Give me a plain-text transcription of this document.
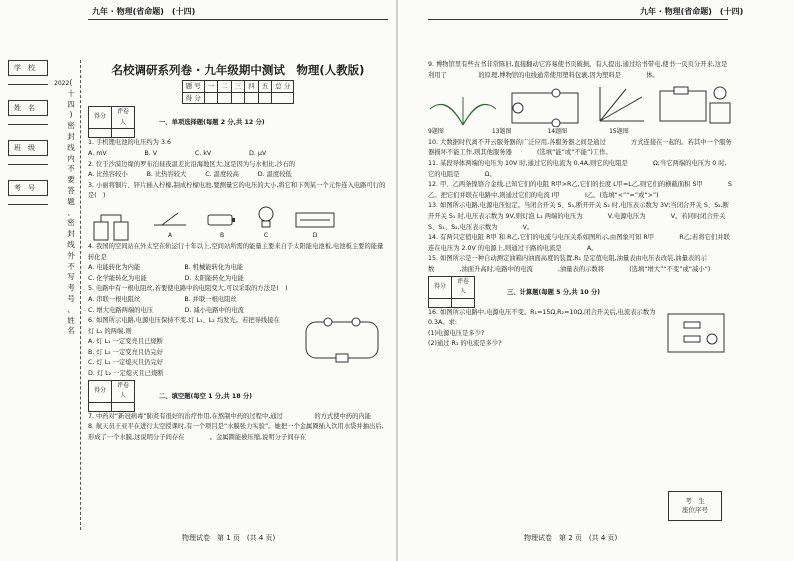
九年 · 物理(省命题)　(十四)	九年 · 物理(省命题)　(十四)
学　校
姓　名
班　级
考　号
2022 (
十
四
)
密
封
线
内
不
要
答
题
、
密
封
线
外
不
写
考
号
、
姓
名

名校调研系列卷 · 九年级期中测试　物理(人教版)

题 号	一	二	三	四	五	总 分
得 分						

得分	评卷人
		一、单项选择题(每题 2 分,共 12 分)

1. 手机锂电池的电压约为 3.6

A. mV　　　　　　B. V　　　　　　C. kV　　　　　　D. μV

2. 位于沙漠边缘的罗布泊昼夜温差比沿海地区大,这是因为与水相比,沙石的

A. 比热容较小　　　B. 比热容较大　　　C. 温度较高　　　D. 温度较低

3. 小丽将铜片、锌片插入柠檬,制成柠檬电池,要测量它的电压的大小,将它和下列某一个元件连入电路可行的是(　)

A	B	C	D

4. 我国的空间站在外太空在轨运行十年以上,空间站所需的能量主要来自于太阳能电池板,电池板主要的能量转化是

A. 电能转化为内能　　　　　　　B. 机械能转化为电能

C. 化学能转化为电能　　　　　　D. 太阳能转化为电能

5. 电路中有一根电阻丝,若要使电路中的电阻变大,可以采取的方法是(　)

A. 串联一根电阻丝　　　　　　　B. 并联一根电阻丝

C. 增大电路两端的电压　　　　　D. 减小电路中的电流

6. 如图所示电路,电源电压保持不变,灯 L₁、L₂ 均发光。若把导线接在

灯 L₁ 的两端,则

A. 灯 L₁ 一定变亮且已烧断

B. 灯 L₂ 一定变亮且仍完好

C. 灯 L₁ 一定熄灭且仍完好

D. 灯 L₂ 一定熄灭且已烧断

得分	评卷人
		二、填空题(每空 1 分,共 18 分)

7. 中药对“新冠病毒”肺炎有很好的治疗作用,在熬制中药的过程中,通过　　　　　的方式使中药的内能

8. 航天员王亚平在进行太空授课时,有一个项目是“水膜张力实验”。她把一个金属圈插入饮用水袋并抽出后,形成了一个水膜,这说明分子间存在　　　　。金属圈能被压缩,说明分子间存在

9. 博物馆里有些古书非常陈旧,直接翻动它容易使书页破损。有人提出,通过给书带电,使书一页页分开来,这是利用了　　　　　的原理,博物馆的电线通常使用塑料包裹,因为塑料是　　　　体。

9题图　　　　　　　　13题图　　　　　　14题图　　　　　　　15题图

10. 大数据时代离不开云服务器的广泛应用,各服务器之间是通过　　　　方式连接在一起的。若其中一个服务器损坏不能工作,则其他服务器　　　　(选填“能”或“不能”)工作。

11. 某段导体两端的电压为 10V 时,通过它的电流为 0.4A,则它的电阻是　　　　Ω;当它两端的电压为 0 时,它的电阻是　　　　Ω。

12. 甲、乙两条镍铬合金线,已知它们的电阻 R甲>R乙,它们的长度 L甲=L乙,则它们的横截面积 S甲　　　　S乙。把它们并联在电路中,则通过它们的电流 I甲　　　　I乙。(选填“<”“=”或“>”)

13. 如图所示电路,电源电压恒定。当闭合开关 S、S₁,断开开关 S₂ 时,电压表示数为 3V;当闭合开关 S、S₂,断开开关 S₁ 时,电压表示数为 9V,则灯泡 L₁ 两端的电压为　　　　V,电源电压为　　　　V。若同时闭合开关 S、S₁、S₂,电压表示数为　　　　V。

14. 有两只定值电阻 R甲 和 R乙,它们的电流与电压关系如图所示,由图象可知 R甲　　　　R乙;若将它们并联连在电压为 2.0V 的电源上,则通过干路的电流是　　　　A。

15. 如图所示是一种自动测定油箱内油面高度的装置,R₁ 是定值电阻,油量表由电压表改装,油量表的示数　　　　,油面升高时,电路中的电流　　　　,油量表的示数将　　　　(选填“增大”“不变”或“减小”)

得分	评卷人
		三、计算题(每题 5 分,共 10 分)

16. 如图所示电路中,电源电压不变。R₁=15Ω,R₂=10Ω,闭合开关后,电流表示数为 0.3A。求:

(1)电源电压是多少?

(2)通过 R₁ 的电流是多少?

考　生
座位序号
物理试卷　第 1 页　(共 4 页)	物理试卷　第 2 页　(共 4 页)
